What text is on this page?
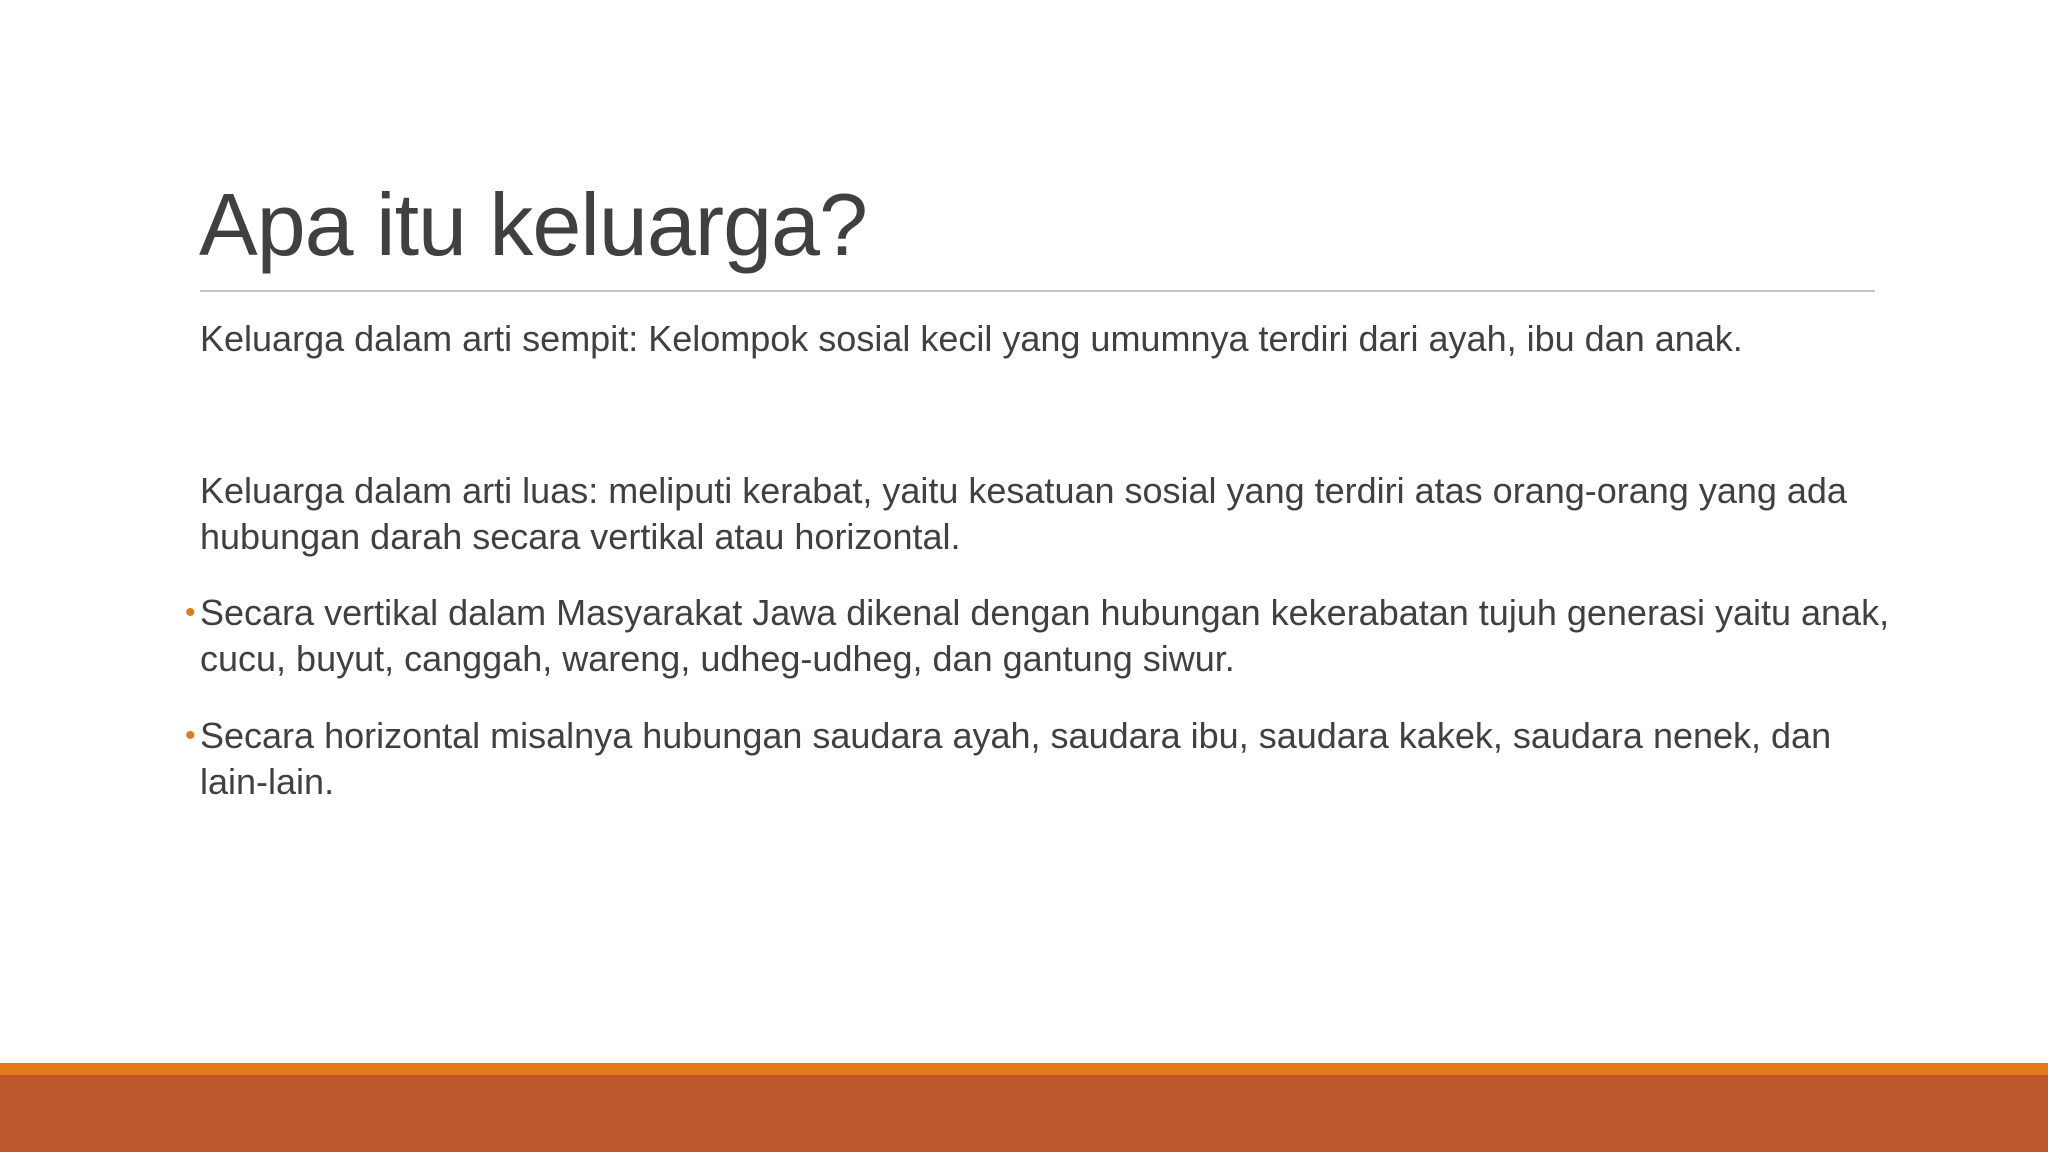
Apa itu keluarga?

Keluarga dalam arti sempit: Kelompok sosial kecil yang umumnya terdiri dari ayah, ibu dan anak.

Keluarga dalam arti luas: meliputi kerabat, yaitu kesatuan sosial yang terdiri atas orang-orang yang ada hubungan darah secara vertikal atau horizontal.

• Secara vertikal dalam Masyarakat Jawa dikenal dengan hubungan kekerabatan tujuh generasi yaitu anak, cucu, buyut, canggah, wareng, udheg-udheg, dan gantung siwur.
• Secara horizontal misalnya hubungan saudara ayah, saudara ibu, saudara kakek, saudara nenek, dan lain-lain.
